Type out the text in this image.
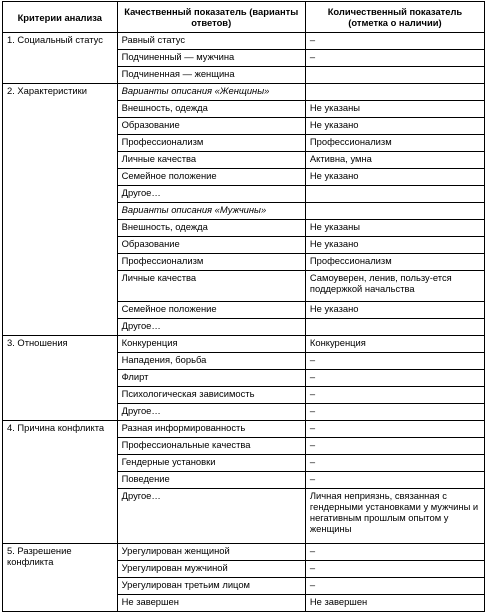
Критерии анализа	Качественный показатель (варианты ответов)	Количественный показатель (отметка о наличии)
1. Социальный статус	Равный статус	–
	Подчиненный — мужчина	–
	Подчиненная — женщина	
2. Характеристики	Варианты описания «Женщины»	
	Внешность, одежда	Не указаны
	Образование	Не указано
	Профессионализм	Профессионализм
	Личные качества	Активна, умна
	Семейное положение	Не указано
	Другое…	
	Варианты описания «Мужчины»	
	Внешность, одежда	Не указаны
	Образование	Не указано
	Профессионализм	Профессионализм
	Личные качества	Самоуверен, ленив, пользу-ется поддержкой начальства
	Семейное положение	Не указано
	Другое…	
3. Отношения	Конкуренция	Конкуренция
	Нападения, борьба	–
	Флирт	–
	Психологическая зависимость	–
	Другое…	–
4. Причина конфликта	Разная информированность	–
	Профессиональные качества	–
	Гендерные установки	–
	Поведение	–
	Другое…	Личная неприязнь, связанная с гендерными установками у мужчины и негативным прошлым опытом у женщины
5. Разрешение конфликта	Урегулирован женщиной	–
	Урегулирован мужчиной	–
	Урегулирован третьим лицом	–
	Не завершен	Не завершен
